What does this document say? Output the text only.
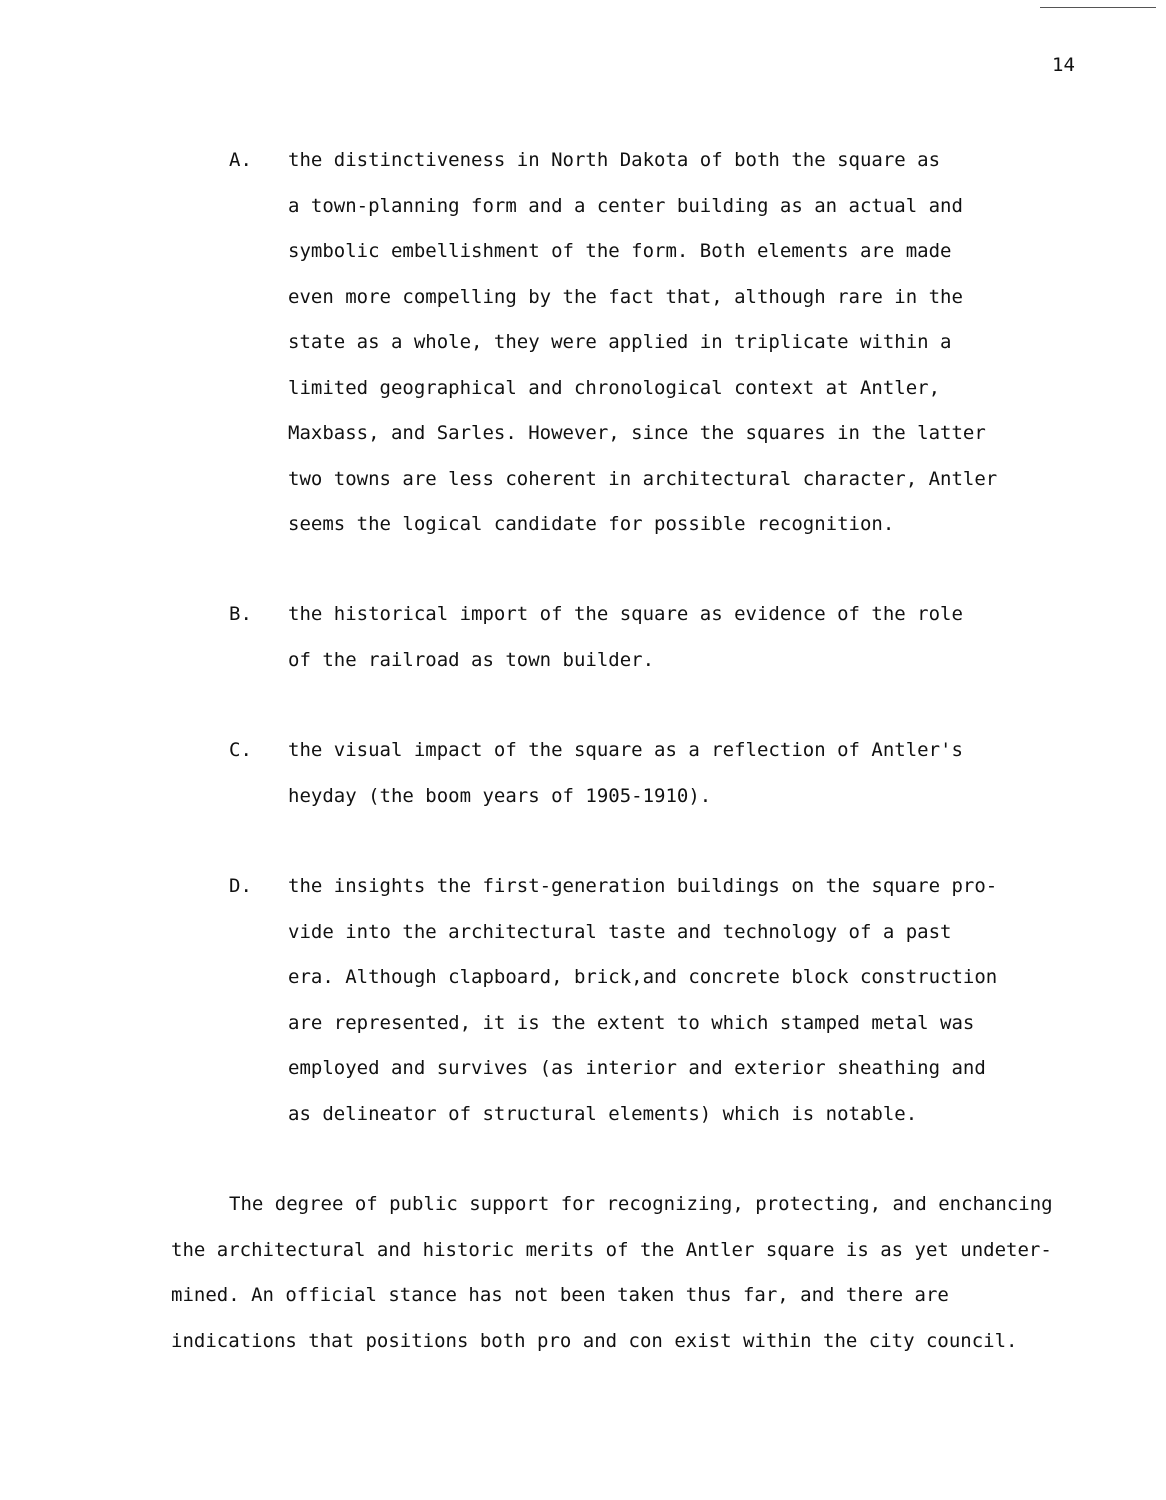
14
A. the distinctiveness in North Dakota of both the square as
a town-planning form and a center building as an actual and
symbolic embellishment of the form. Both elements are made
even more compelling by the fact that, although rare in the
state as a whole, they were applied in triplicate within a
limited geographical and chronological context at Antler,
Maxbass, and Sarles. However, since the squares in the latter
two towns are less coherent in architectural character, Antler
seems the logical candidate for possible recognition.
B. the historical import of the square as evidence of the role
of the railroad as town builder.
C. the visual impact of the square as a reflection of Antler's
heyday (the boom years of 1905-1910).
D. the insights the first-generation buildings on the square pro-
vide into the architectural taste and technology of a past
era. Although clapboard, brick,and concrete block construction
are represented, it is the extent to which stamped metal was
employed and survives (as interior and exterior sheathing and
as delineator of structural elements) which is notable.
The degree of public support for recognizing, protecting, and enchancing
the architectural and historic merits of the Antler square is as yet undeter-
mined. An official stance has not been taken thus far, and there are
indications that positions both pro and con exist within the city council.
